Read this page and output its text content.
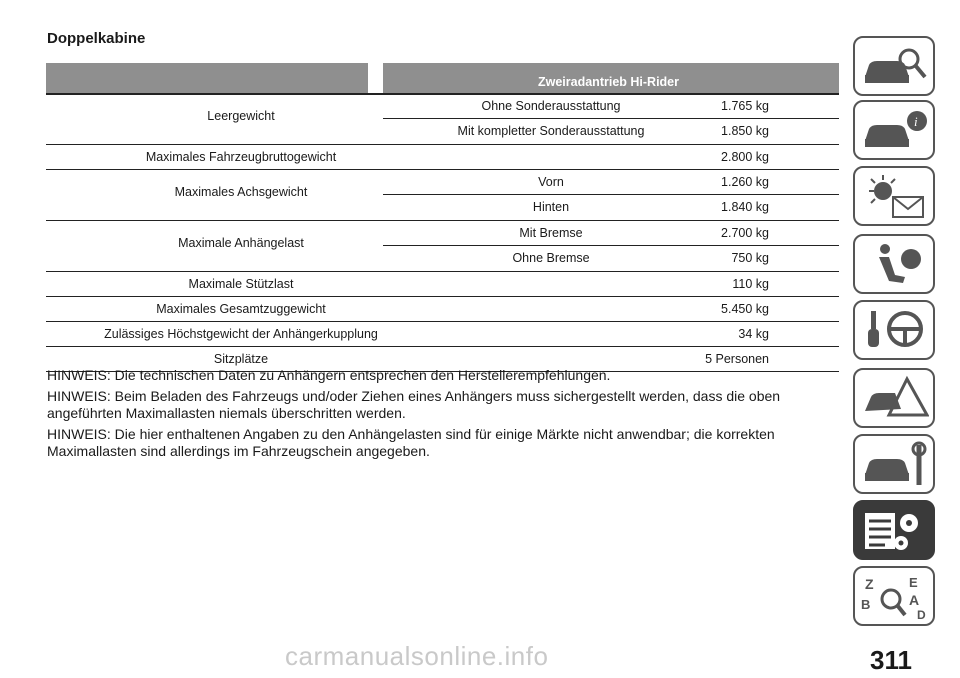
Doppelkabine
Zweiradantrieb Hi-Rider
Leergewicht
Ohne Sonderausstattung	1.765 kg
Mit kompletter Sonderausstattung	1.850 kg
Maximales Fahrzeugbruttogewicht	2.800 kg
Maximales Achsgewicht
Vorn	1.260 kg
Hinten	1.840 kg
Maximale Anhängelast
Mit Bremse	2.700 kg
Ohne Bremse	750 kg
Maximale Stützlast	110 kg
Maximales Gesamtzuggewicht	5.450 kg
Zulässiges Höchstgewicht der Anhängerkupplung	34 kg
Sitzplätze	5 Personen

HINWEIS: Die technischen Daten zu Anhängern entsprechen den Herstellerempfehlungen.

HINWEIS: Beim Beladen des Fahrzeugs und/oder Ziehen eines Anhängers muss sichergestellt werden, dass die oben angeführten Maximallasten niemals überschritten werden.

HINWEIS: Die hier enthaltenen Angaben zu den Anhängelasten sind für einige Märkte nicht anwendbar; die korrekten Maximallasten sind allerdings im Fahrzeugschein angegeben.

i
Z	E
B	A
D
311
carmanualsonline.info
